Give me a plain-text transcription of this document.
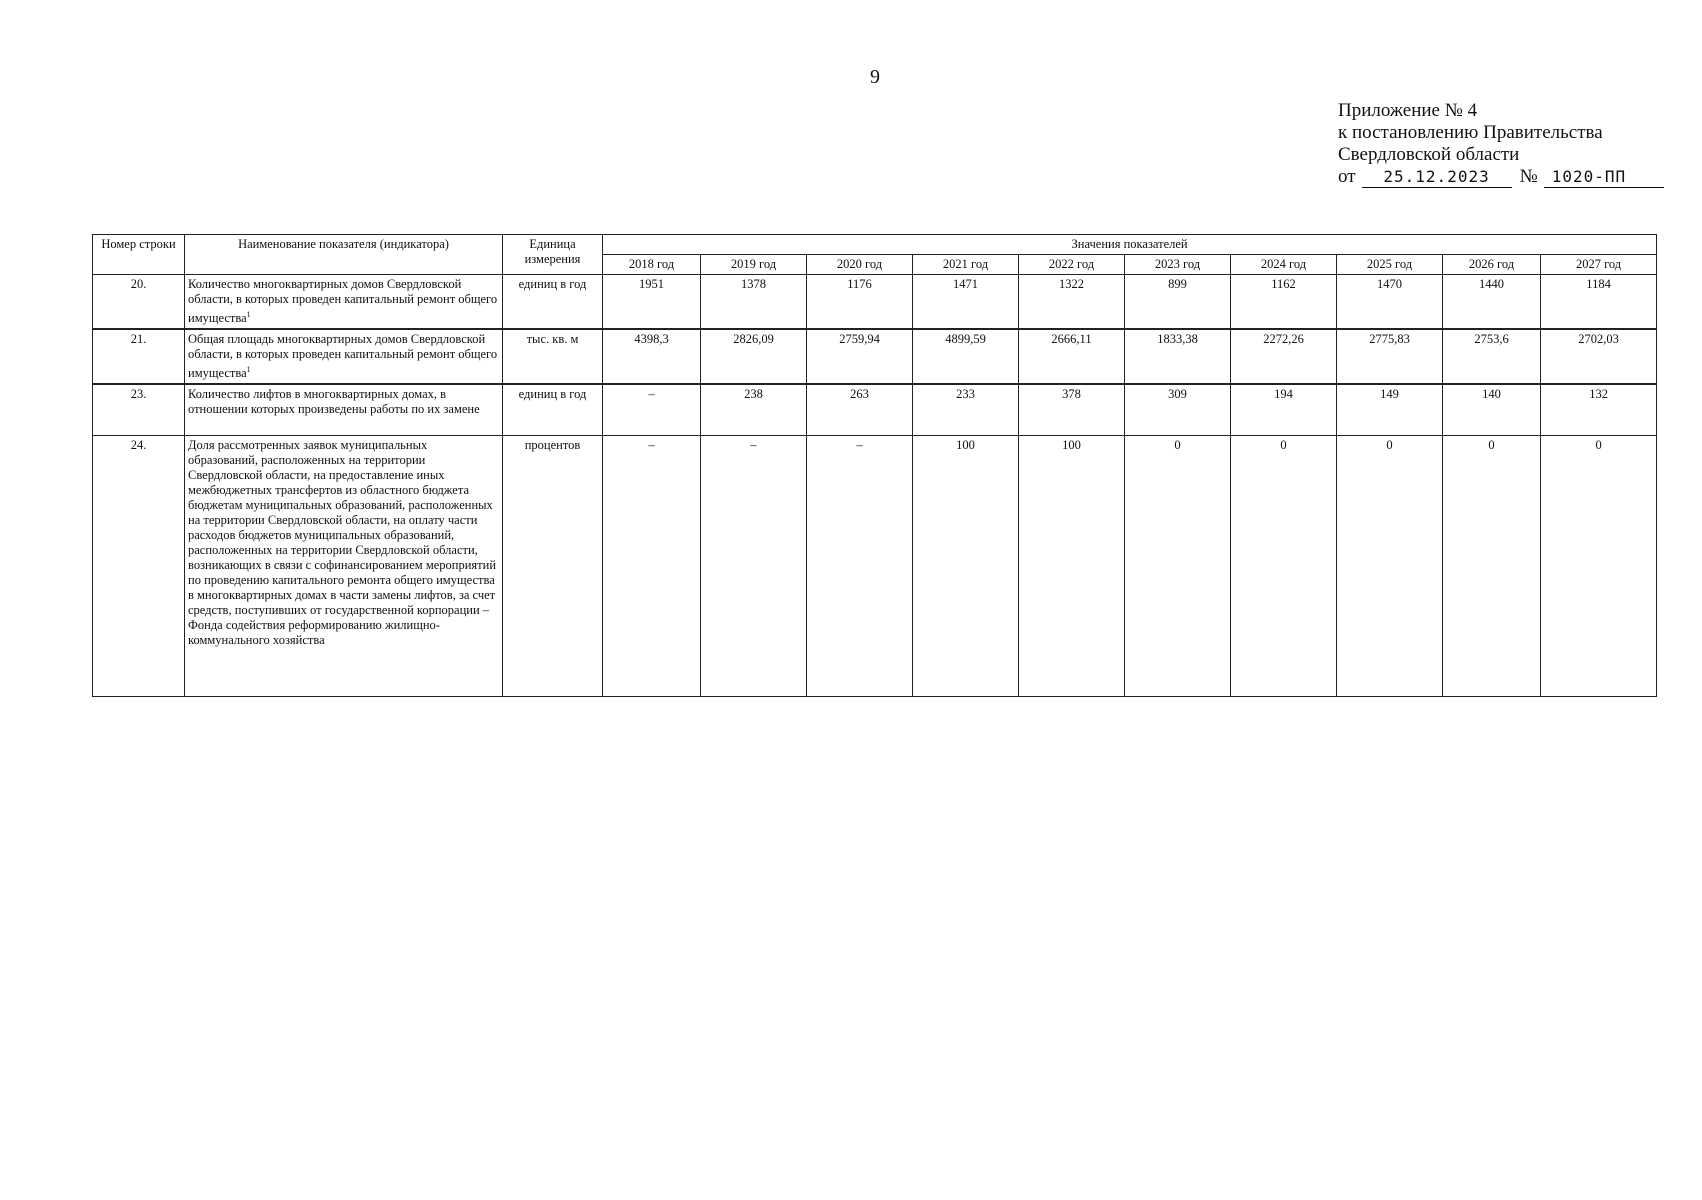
9
Приложение № 4
к постановлению Правительства
Свердловской области
от	25.12.2023	№ 1020-ПП
Номер строки	Наименование показателя (индикатора)	Единица измерения	Значения показателей									
			2018 год	2019 год	2020 год	2021 год	2022 год	2023 год	2024 год	2025 год	2026 год	2027 год
20.	Количество многоквартирных домов Свердловской области, в которых проведен капитальный ремонт общего имущества$^1$	единиц в год	1951	1378	1176	1471	1322	899	1162	1470	1440	1184
21.	Общая площадь многоквартирных домов Свердловской области, в которых проведен капитальный ремонт общего имущества$^1$	тыс. кв. м	4398,3	2826,09	2759,94	4899,59	2666,11	1833,38	2272,26	2775,83	2753,6	2702,03
23.	Количество лифтов в многоквартирных домах, в отношении которых произведены работы по их замене	единиц в год	–	238	263	233	378	309	194	149	140	132
24.	Доля рассмотренных заявок муниципальных образований, расположенных на территории Свердловской области, на предоставление иных межбюджетных трансфертов из областного бюджета бюджетам муниципальных образований, расположенных на территории Свердловской области, на оплату части расходов бюджетов муниципальных образований, расположенных на территории Свердловской области, возникающих в связи с софинансированием мероприятий по проведению капитального ремонта общего имущества в многоквартирных домах в части замены лифтов, за счет средств, поступивших от государственной корпорации – Фонда содействия реформированию жилищно-коммунального хозяйства	процентов	–	–	–	100	100	0	0	0	0	0
